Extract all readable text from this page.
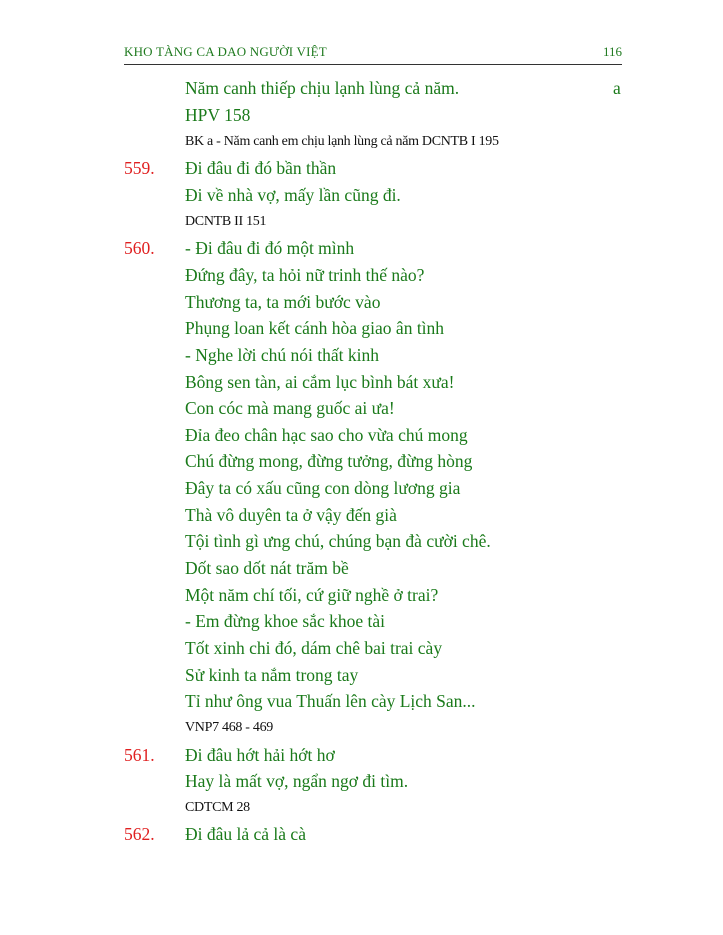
KHO TÀNG CA DAO NGƯỜI VIỆT	116
Năm canh thiếp chịu lạnh lùng cả năm.	a
HPV 158
BK a - Năm canh em chịu lạnh lùng cả năm DCNTB I 195
559. Đi đâu đi đó bần thần
Đi về nhà vợ, mấy lần cũng đi.
DCNTB II 151
560. - Đi đâu đi đó một mình
Đứng đây, ta hỏi nữ trinh thế nào?
Thương ta, ta mới bước vào
Phụng loan kết cánh hòa giao ân tình
- Nghe lời chú nói thất kinh
Bông sen tàn, ai cắm lục bình bát xưa!
Con cóc mà mang guốc ai ưa!
Đỉa đeo chân hạc sao cho vừa chú mong
Chú đừng mong, đừng tưởng, đừng hòng
Đây ta có xấu cũng con dòng lương gia
Thà vô duyên ta ở vậy đến già
Tội tình gì ưng chú, chúng bạn đà cười chê.
Dốt sao dốt nát trăm bề
Một năm chí tối, cứ giữ nghề ở trai?
- Em đừng khoe sắc khoe tài
Tốt xinh chi đó, dám chê bai trai cày
Sử kinh ta nắm trong tay
Tỉ như ông vua Thuấn lên cày Lịch San...
VNP7 468 - 469
561. Đi đâu hớt hải hớt hơ
Hay là mất vợ, ngẩn ngơ đi tìm.
CDTCM 28
562. Đi đâu lả cả là cà
